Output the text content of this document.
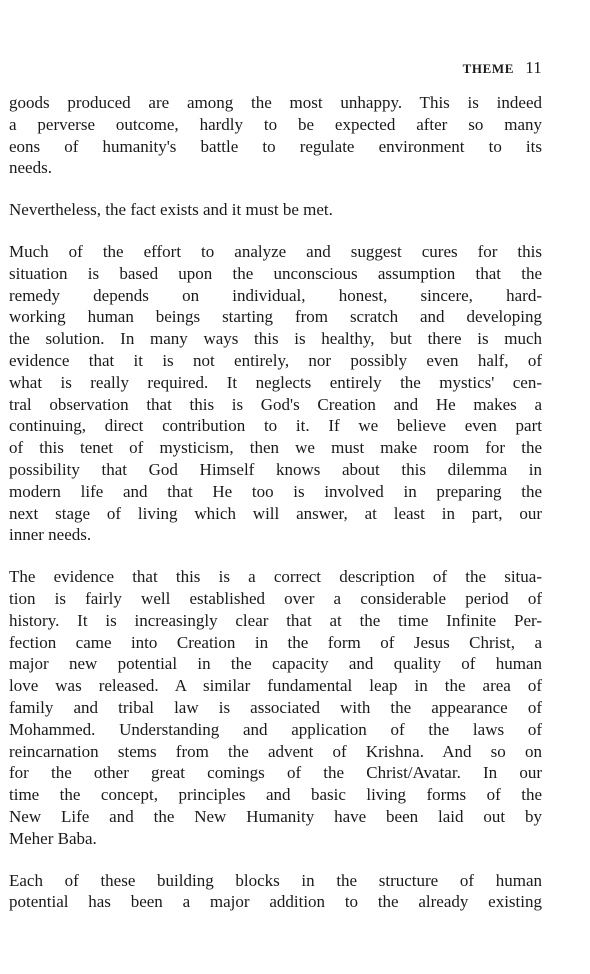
THEME 11
goods produced are among the most unhappy. This is indeed
a perverse outcome, hardly to be expected after so many
eons of humanity's battle to regulate environment to its
needs.
Nevertheless, the fact exists and it must be met.
Much of the effort to analyze and suggest cures for this
situation is based upon the unconscious assumption that the
remedy depends on individual, honest, sincere, hard-
working human beings starting from scratch and developing
the solution. In many ways this is healthy, but there is much
evidence that it is not entirely, nor possibly even half, of
what is really required. It neglects entirely the mystics' cen-
tral observation that this is God's Creation and He makes a
continuing, direct contribution to it. If we believe even part
of this tenet of mysticism, then we must make room for the
possibility that God Himself knows about this dilemma in
modern life and that He too is involved in preparing the
next stage of living which will answer, at least in part, our
inner needs.
The evidence that this is a correct description of the situa-
tion is fairly well established over a considerable period of
history. It is increasingly clear that at the time Infinite Per-
fection came into Creation in the form of Jesus Christ, a
major new potential in the capacity and quality of human
love was released. A similar fundamental leap in the area of
family and tribal law is associated with the appearance of
Mohammed. Understanding and application of the laws of
reincarnation stems from the advent of Krishna. And so on
for the other great comings of the Christ/Avatar. In our
time the concept, principles and basic living forms of the
New Life and the New Humanity have been laid out by
Meher Baba.
Each of these building blocks in the structure of human
potential has been a major addition to the already existing
